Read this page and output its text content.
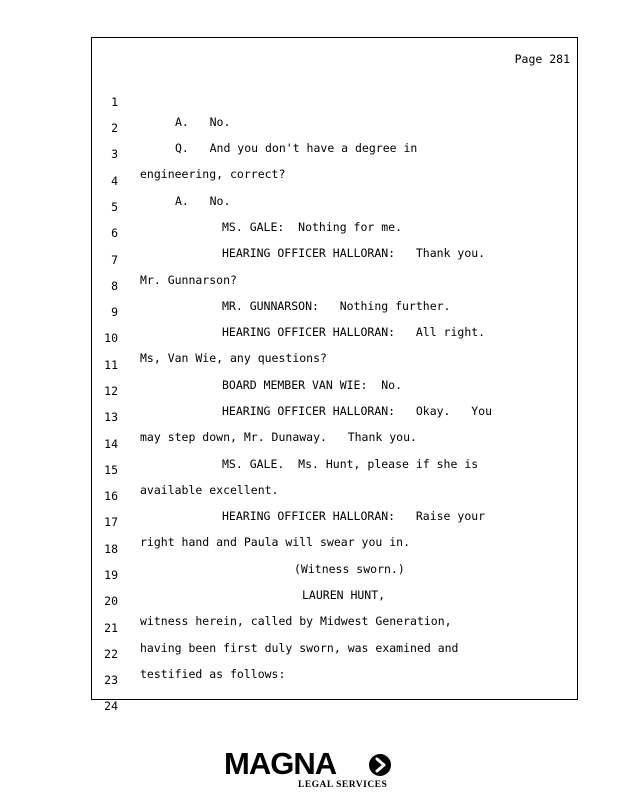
Page 281

1

A.   No.

2

Q.   And you don't have a degree in

3

engineering, correct?

4

A.   No.

5

MS. GALE:  Nothing for me.

6

HEARING OFFICER HALLORAN:   Thank you.

7

Mr. Gunnarson?

8

MR. GUNNARSON:   Nothing further.

9

HEARING OFFICER HALLORAN:   All right.

10

Ms, Van Wie, any questions?

11

BOARD MEMBER VAN WIE:  No.

12

HEARING OFFICER HALLORAN:   Okay.   You

13

may step down, Mr. Dunaway.   Thank you.

14

MS. GALE.  Ms. Hunt, please if she is

15

available excellent.

16

HEARING OFFICER HALLORAN:   Raise your

17

right hand and Paula will swear you in.

18

(Witness sworn.)

19

LAUREN HUNT,

20

witness herein, called by Midwest Generation,

21

having been first duly sworn, was examined and

22

testified as follows:

23

24

MAGNA
LEGAL SERVICES
